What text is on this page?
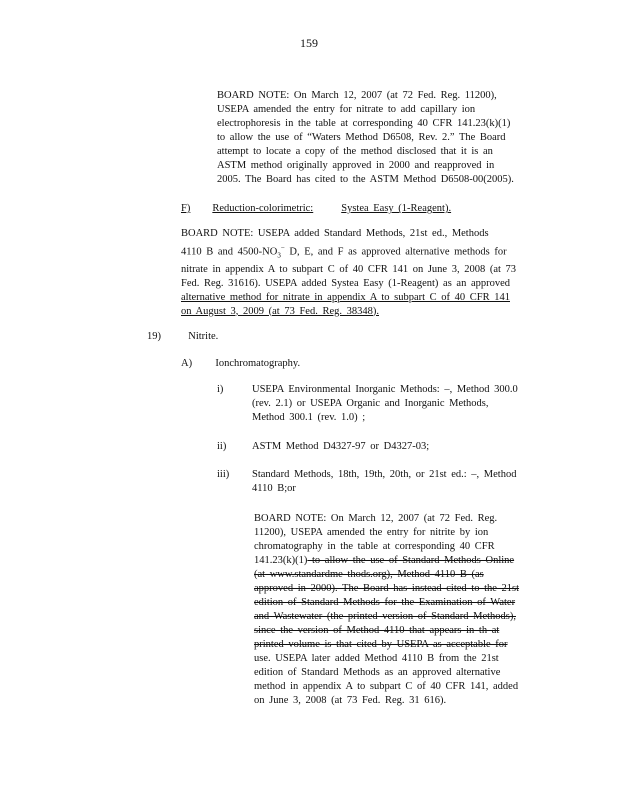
159
BOARD NOTE: On March 12, 2007 (at 72 Fed. Reg. 11200),
USEPA amended the entry for nitrate to add capillary ion
electrophoresis in the table at corresponding 40 CFR 141.23(k)(1)
to allow the use of “Waters Method D6508, Rev. 2.” The Board
attempt to locate a copy of the method disclosed that it is an
ASTM method originally approved in 2000 and reapproved in
2005. The Board has cited to the ASTM Method D6508-00(2005).
F) Reduction-colorimetric:	Systea Easy (1-Reagent).
BOARD NOTE: USEPA added Standard Methods, 21st ed., Methods
4110 B and $4500-NO_3^-$ D, E, and F as approved alternative methods for
nitrate in appendix A to subpart C of 40 CFR 141 on June 3, 2008 (at 73
Fed. Reg. 31616). USEPA added Systea Easy (1-Reagent) as an approved
alternative method for nitrate in appendix A to subpart C of 40 CFR 141
on August 3, 2009 (at 73 Fed. Reg. 38348).
19)	Nitrite.
A) Ionchromatography.
i)	USEPA Environmental Inorganic Methods: –, Method 300.0
(rev. 2.1) or USEPA Organic and Inorganic Methods,
Method 300.1 (rev. 1.0) ;
ii) ASTM Method D4327-97 or D4327-03;
iii) Standard Methods, 18th, 19th, 20th, or 21st ed.: –, Method
4110 B;or
BOARD NOTE: On March 12, 2007 (at 72 Fed. Reg.
11200), USEPA amended the entry for nitrite by ion
chromatography in the table at corresponding 40 CFR
141.23(k)(1) to allow the use of Standard Methods Online
(at www.standardme thods.org), Method 4110 B (as
approved in 2000). The Board has instead cited to the 21st
edition of Standard Methods for the Examination of Water
and Wastewater (the printed version of Standard Methods),
since the version of Method 4110 that appears in th at
printed volume is that cited by USEPA as acceptable for
use. USEPA later added Method 4110 B from the 21st
edition of Standard Methods as an approved alternative
method in appendix A to subpart C of 40 CFR 141, added
on June 3, 2008 (at 73 Fed. Reg. 31 616).
